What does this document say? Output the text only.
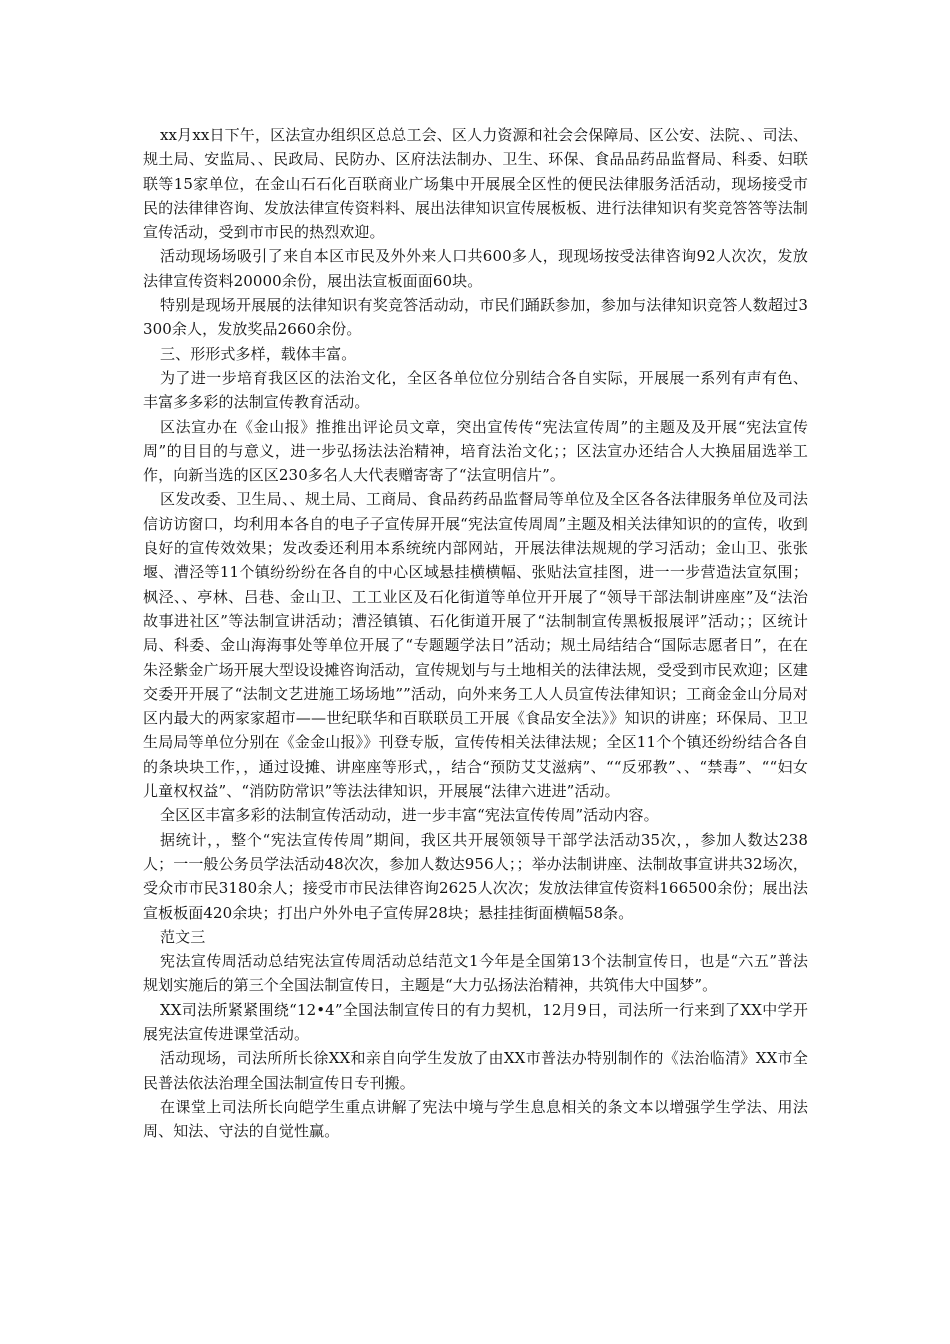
xx月xx日下午，区法宣办组织区总总工会、区人力资源和社会会保障局、区公安、法院、、司法、规土局、安监局、、民政局、民防办、区府法法制办、卫生、环保、食品品药品监督局、科委、妇联联等15家单位，在金山石石化百联商业广场集中开展展全区性的便民法律服务活活动，现场接受市民的法律律咨询、发放法律宣传资料料、展出法律知识宣传展板板、进行法律知识有奖竞答答等法制宣传活动，受到市市民的热烈欢迎。

活动现场场吸引了来自本区市民及外外来人口共600多人，现现场按受法律咨询92人次次，发放法律宣传资料20000余份，展出法宣板面面60块。

特别是现场开展展的法律知识有奖竞答活动动，市民们踊跃参加，参加与法律知识竞答人数超过3300余人，发放奖品2660余份。

三、形形式多样，载体丰富。

为了进一步培育我区区的法治文化，全区各单位位分别结合各自实际，开展展一系列有声有色、丰富多多彩的法制宣传教育活动。

区法宣办在《金山报》推推出评论员文章，突出宣传传“宪法宣传周”的主题及及开展“宪法宣传周”的目目的与意义，进一步弘扬法法治精神，培育法治文化；；区法宣办还结合人大换届届选举工作，向新当选的区区230多名人大代表赠寄寄了“法宣明信片”。

区发改委、卫生局、、规土局、工商局、食品药药品监督局等单位及全区各各法律服务单位及司法信访访窗口，均利用本各自的电子子宣传屏开展“宪法宣传周周”主题及相关法律知识的的宣传，收到良好的宣传效效果；发改委还利用本系统统内部网站，开展法律法规规的学习活动；金山卫、张张堰、漕泾等11个镇纷纷纷在各自的中心区域悬挂横横幅、张贴法宣挂图，进一一步营造法宣氛围；枫泾、、亭林、吕巷、金山卫、工工业区及石化街道等单位开开展了“领导干部法制讲座座”及“法治故事进社区”等法制宣讲活动；漕泾镇镇、石化街道开展了“法制制宣传黑板报展评”活动；；区统计局、科委、金山海海事处等单位开展了“专题题学法日”活动；规土局结结合“国际志愿者日”，在在朱泾紫金广场开展大型设设摊咨询活动，宣传规划与与土地相关的法律法规，受受到市民欢迎；区建交委开开展了“法制文艺进施工场场地””活动，向外来务工人人员宣传法律知识；工商金金山分局对区内最大的两家家超市——世纪联华和百联联员工开展《食品安全法》》知识的讲座；环保局、卫卫生局局等单位分别在《金金山报》》刊登专版，宣传传相关法律法规；全区11个个镇还纷纷结合各自的条块块工作，，通过设摊、讲座座等形式，，结合“预防艾艾滋病”、““反邪教”、、“禁毒”、““妇女儿童权权益”、“消防防常识”等法法律知识，开展展“法律六进进”活动。

全区区丰富多彩的法制宣传活动动，进一步丰富“宪法宣传传周”活动内容。

据统计，，整个“宪法宣传传周”期间，我区共开展领领导干部学法活动35次，，参加人数达238人；一一般公务员学法活动48次次，参加人数达956人；；举办法制讲座、法制故事宣讲共32场次，受众市市民3180余人；接受市市民法律咨询2625人次次；发放法律宣传资料166500余份；展出法宣板板面420余块；打出户外外电子宣传屏28块；悬挂挂街面横幅58条。

范文三

宪法宣传周活动总结宪法宣传周活动总结范文1今年是全国第13个法制宣传日，也是“六五”普法规划实施后的第三个全国法制宣传日，主题是“大力弘扬法治精神，共筑伟大中国梦”。

XX司法所紧紧围绕“12•4”全国法制宣传日的有力契机，12月9日，司法所一行来到了XX中学开展宪法宣传进课堂活动。

活动现场，司法所所长徐XX和亲自向学生发放了由XX市普法办特别制作的《法治临清》XX市全民普法依法治理全国法制宣传日专刊搬。

在课堂上司法所长向皑学生重点讲解了宪法中境与学生息息相关的条文本以增强学生学法、用法周、知法、守法的自觉性赢。
